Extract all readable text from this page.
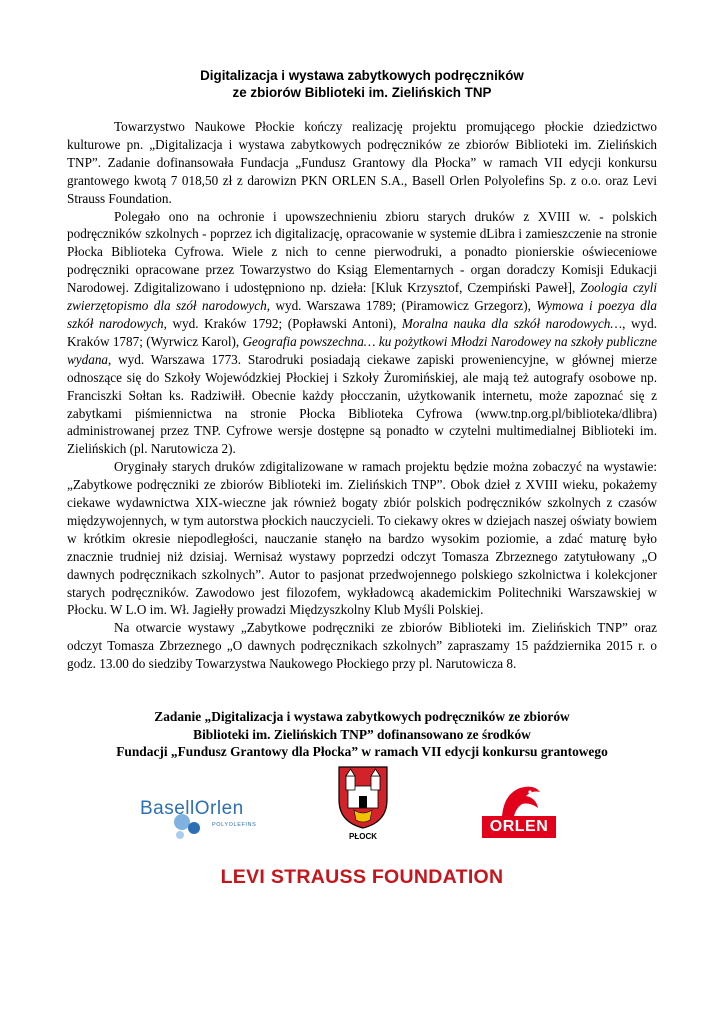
Digitalizacja i wystawa zabytkowych podręczników
ze zbiorów Biblioteki im. Zielińskich TNP

Towarzystwo Naukowe Płockie kończy realizację projektu promującego płockie dziedzictwo kulturowe pn. „Digitalizacja i wystawa zabytkowych podręczników ze zbiorów Biblioteki im. Zielińskich TNP”. Zadanie dofinansowała Fundacja „Fundusz Grantowy dla Płocka” w ramach VII edycji konkursu grantowego kwotą 7 018,50 zł z darowizn PKN ORLEN S.A., Basell Orlen Polyolefins Sp. z o.o. oraz Levi Strauss Foundation.

Polegało ono na ochronie i upowszechnieniu zbioru starych druków z XVIII w. - polskich podręczników szkolnych - poprzez ich digitalizację, opracowanie w systemie dLibra i zamieszczenie na stronie Płocka Biblioteka Cyfrowa. Wiele z nich to cenne pierwodruki, a ponadto pionierskie oświeceniowe podręczniki opracowane przez Towarzystwo do Ksiąg Elementarnych - organ doradczy Komisji Edukacji Narodowej. Zdigitalizowano i udostępniono np. dzieła: [Kluk Krzysztof, Czempiński Paweł], Zoologia czyli zwierzętopismo dla szół narodowych, wyd. Warszawa 1789; (Piramowicz Grzegorz), Wymowa i poezya dla szkół narodowych, wyd. Kraków 1792; (Popławski Antoni), Moralna nauka dla szkół narodowych…, wyd. Kraków 1787; (Wyrwicz Karol), Geografia powszechna… ku pożytkowi Młodzi Narodowey na szkoły publiczne wydana, wyd. Warszawa 1773. Starodruki posiadają ciekawe zapiski proweniencyjne, w głównej mierze odnoszące się do Szkoły Wojewódzkiej Płockiej i Szkoły Żuromińskiej, ale mają też autografy osobowe np. Franciszki Sołtan ks. Radziwiłł. Obecnie każdy płocczanin, użytkowanik internetu, może zapoznać się z zabytkami piśmiennictwa na stronie Płocka Biblioteka Cyfrowa (www.tnp.org.pl/biblioteka/dlibra) administrowanej przez TNP. Cyfrowe wersje dostępne są ponadto w czytelni multimedialnej Biblioteki im. Zielińskich (pl. Narutowicza 2).

Oryginały starych druków zdigitalizowane w ramach projektu będzie można zobaczyć na wystawie: „Zabytkowe podręczniki ze zbiorów Biblioteki im. Zielińskich TNP”. Obok dzieł z XVIII wieku, pokażemy ciekawe wydawnictwa XIX-wieczne jak również bogaty zbiór polskich podręczników szkolnych z czasów międzywojennych, w tym autorstwa płockich nauczycieli. To ciekawy okres w dziejach naszej oświaty bowiem w krótkim okresie niepodległości, nauczanie stanęło na bardzo wysokim poziomie, a zdać maturę było znacznie trudniej niż dzisiaj. Wernisaż wystawy poprzedzi odczyt Tomasza Zbrzeznego zatytułowany „O dawnych podręcznikach szkolnych”. Autor to pasjonat przedwojennego polskiego szkolnictwa i kolekcjoner starych podręczników. Zawodowo jest filozofem, wykładowcą akademickim Politechniki Warszawskiej w Płocku. W L.O im. Wł. Jagiełły prowadzi Międzyszkolny Klub Myśli Polskiej.

Na otwarcie wystawy „Zabytkowe podręczniki ze zbiorów Biblioteki im. Zielińskich TNP” oraz odczyt Tomasza Zbrzeznego „O dawnych podręcznikach szkolnych” zapraszamy 15 października 2015 r. o godz. 13.00 do siedziby Towarzystwa Naukowego Płockiego przy pl. Narutowicza 8.

Zadanie „Digitalizacja i wystawa zabytkowych podręczników ze zbiorów
Biblioteki im. Zielińskich TNP” dofinansowano ze środków
Fundacji „Fundusz Grantowy dla Płocka” w ramach VII edycji konkursu grantowego
BasellOrlen
POLYOLEFINS
PŁOCK
ORLEN
LEVI STRAUSS FOUNDATION
